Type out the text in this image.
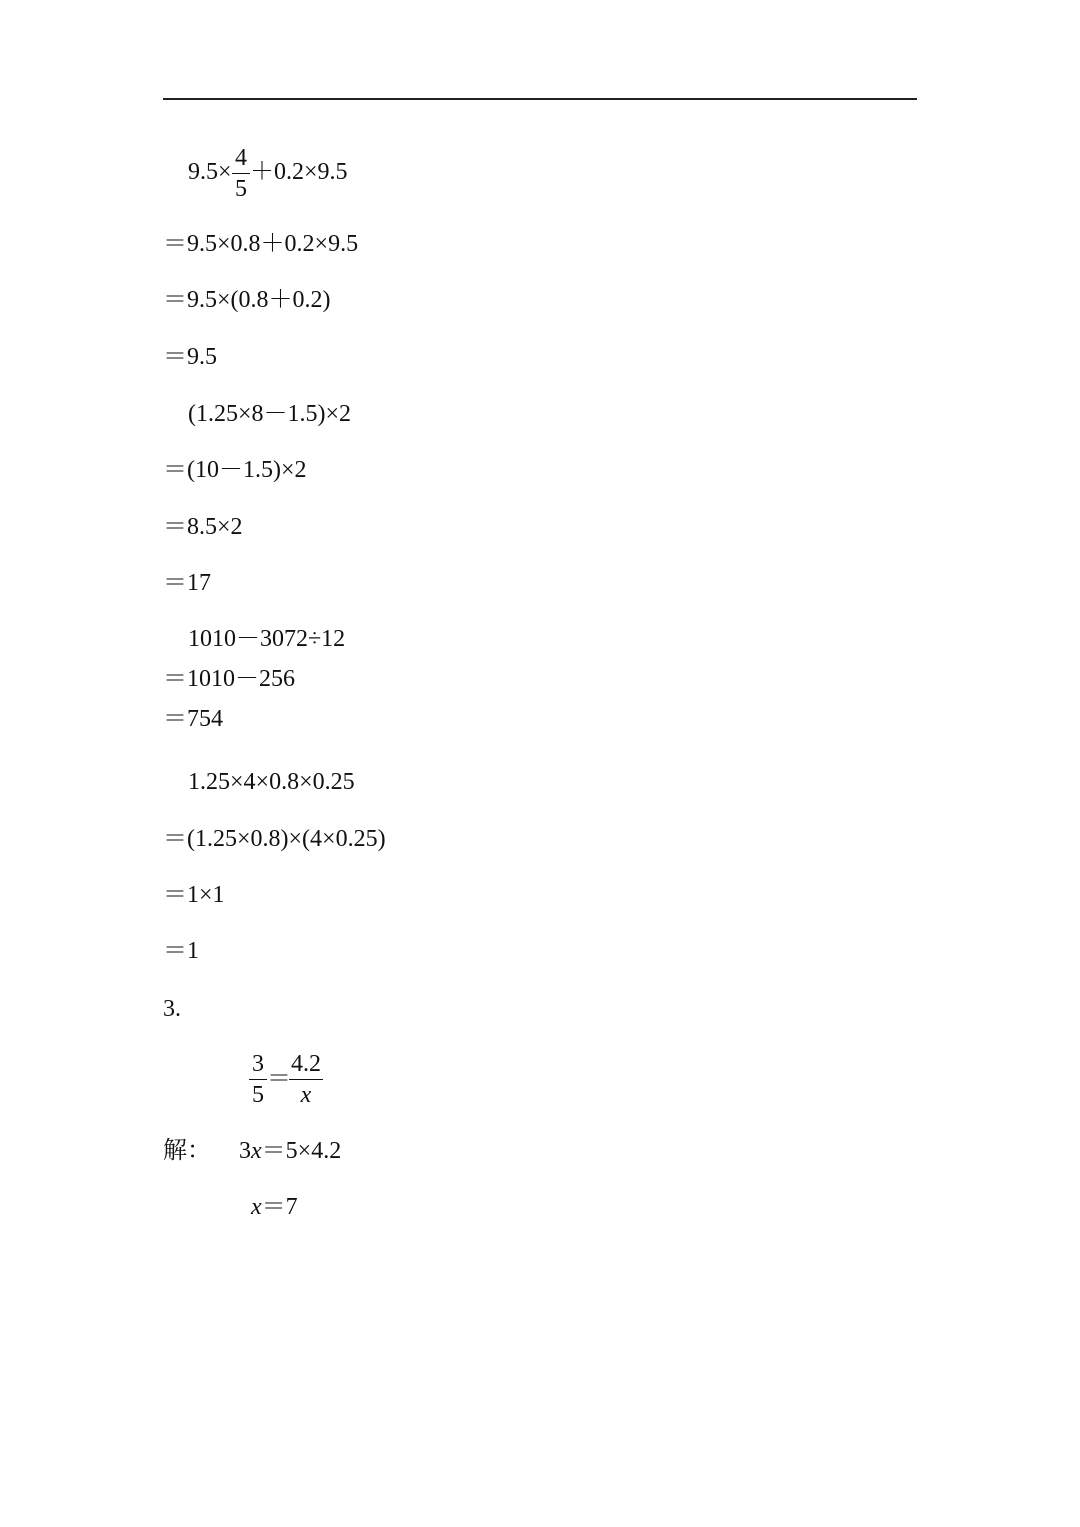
9.5×
4
5
＋0.2×9.5
＝9.5×0.8＋0.2×9.5
＝9.5×(0.8＋0.2)
＝9.5
(1.25×8－1.5)×2
＝(10－1.5)×2
＝8.5×2
＝17
1010－3072÷12
＝1010－256
＝754
1.25×4×0.8×0.25
＝(1.25×0.8)×(4×0.25)
＝1×1
＝1
3.
3
5
＝
4.2
x
解： 3x＝5×4.2
x＝7
